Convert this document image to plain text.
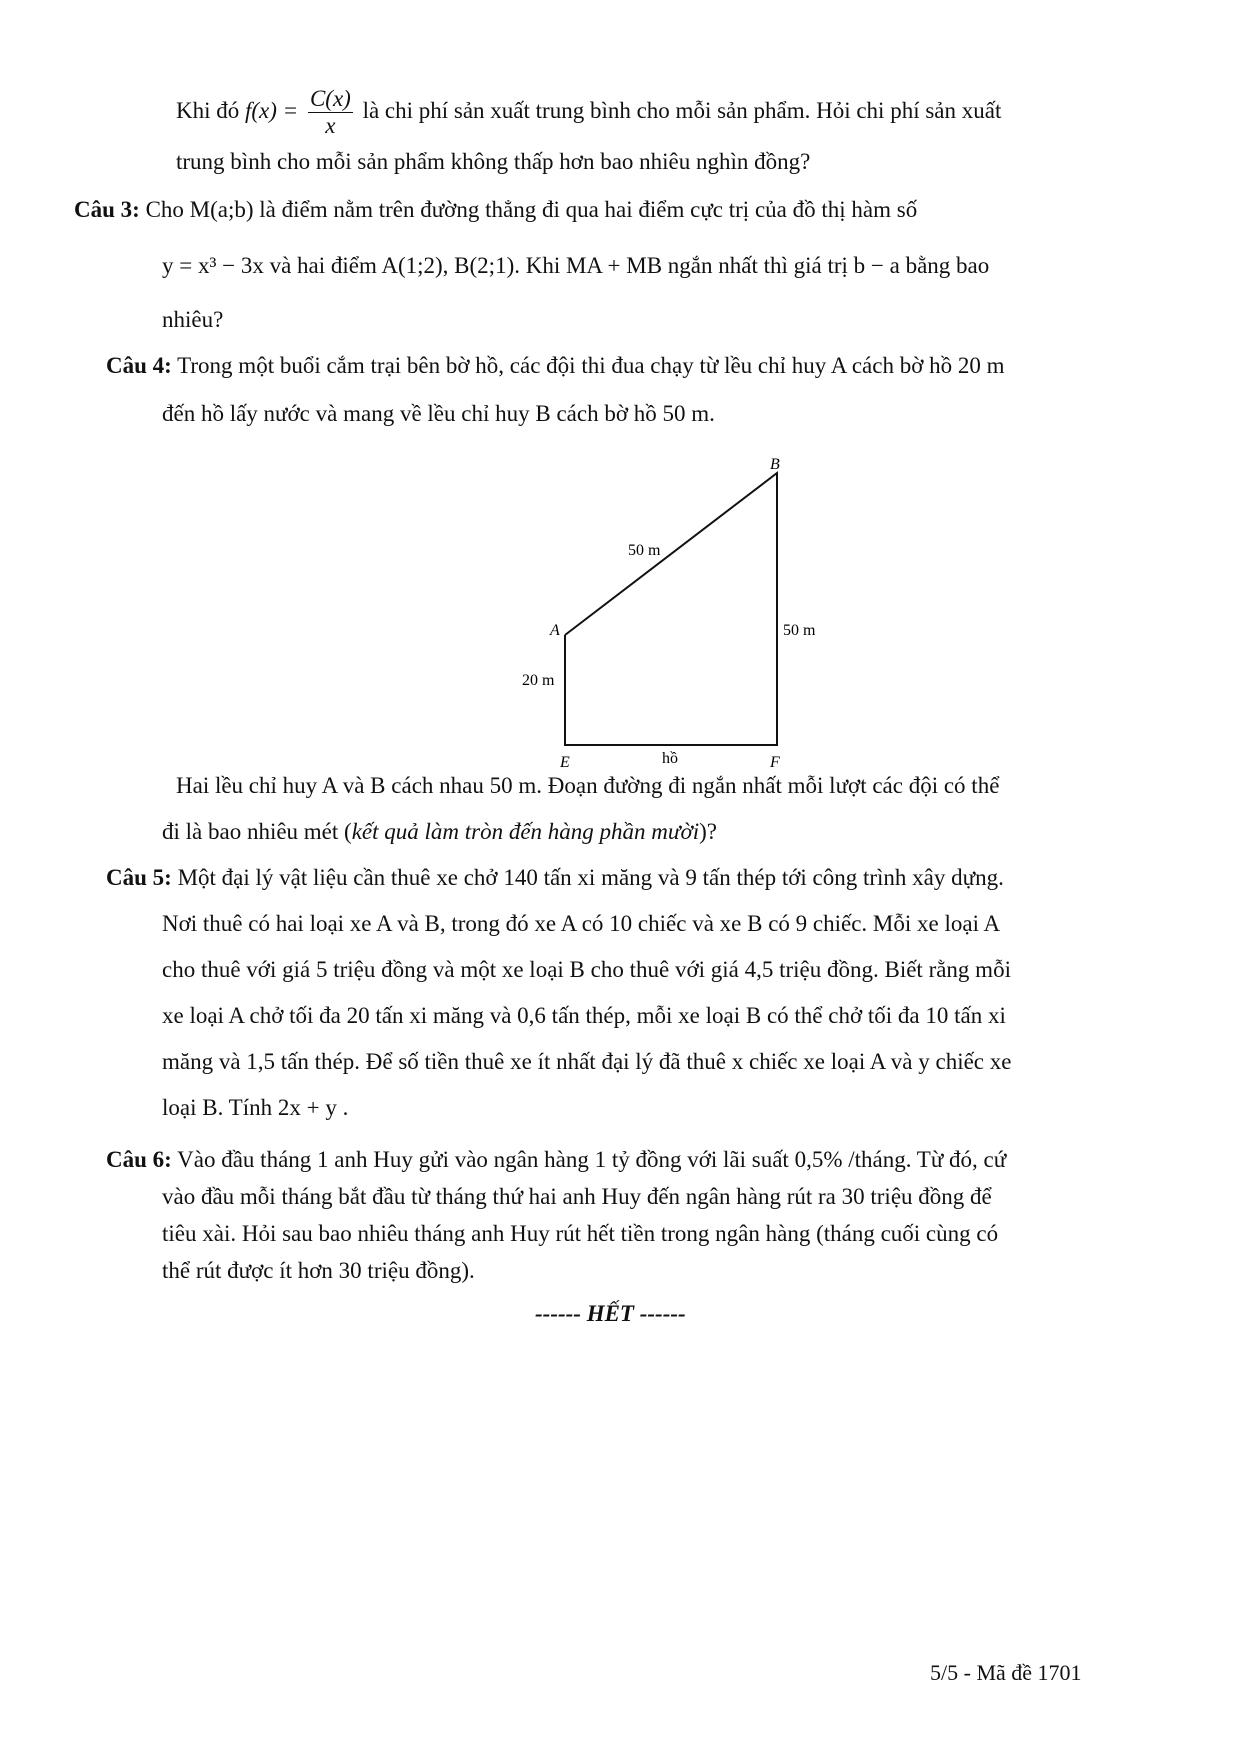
Khi đó $f(x) = \frac{C(x)}{x}$ là chi phí sản xuất trung bình cho mỗi sản phẩm. Hỏi chi phí sản xuất
trung bình cho mỗi sản phẩm không thấp hơn bao nhiêu nghìn đồng?
Câu 3: Cho M(a;b) là điểm nằm trên đường thẳng đi qua hai điểm cực trị của đồ thị hàm số
y = x³ − 3x và hai điểm A(1;2), B(2;1). Khi MA + MB ngắn nhất thì giá trị b − a bằng bao
nhiêu?
Câu 4: Trong một buổi cắm trại bên bờ hồ, các đội thi đua chạy từ lều chỉ huy A cách bờ hồ 20 m
đến hồ lấy nước và mang về lều chỉ huy B cách bờ hồ 50 m.
B
A
E	F
50 m
50 m
20 m
hồ
Hai lều chỉ huy A và B cách nhau 50 m. Đoạn đường đi ngắn nhất mỗi lượt các đội có thể
đi là bao nhiêu mét (kết quả làm tròn đến hàng phần mười)?
Câu 5: Một đại lý vật liệu cần thuê xe chở 140 tấn xi măng và 9 tấn thép tới công trình xây dựng.
Nơi thuê có hai loại xe A và B, trong đó xe A có 10 chiếc và xe B có 9 chiếc. Mỗi xe loại A
cho thuê với giá 5 triệu đồng và một xe loại B cho thuê với giá 4,5 triệu đồng. Biết rằng mỗi
xe loại A chở tối đa 20 tấn xi măng và 0,6 tấn thép, mỗi xe loại B có thể chở tối đa 10 tấn xi
măng và 1,5 tấn thép. Để số tiền thuê xe ít nhất đại lý đã thuê x chiếc xe loại A và y chiếc xe
loại B. Tính 2x + y .
Câu 6: Vào đầu tháng 1 anh Huy gửi vào ngân hàng 1 tỷ đồng với lãi suất 0,5% /tháng. Từ đó, cứ
vào đầu mỗi tháng bắt đầu từ tháng thứ hai anh Huy đến ngân hàng rút ra 30 triệu đồng để
tiêu xài. Hỏi sau bao nhiêu tháng anh Huy rút hết tiền trong ngân hàng (tháng cuối cùng có
thể rút được ít hơn 30 triệu đồng).
------ HẾT ------
5/5 - Mã đề 1701
